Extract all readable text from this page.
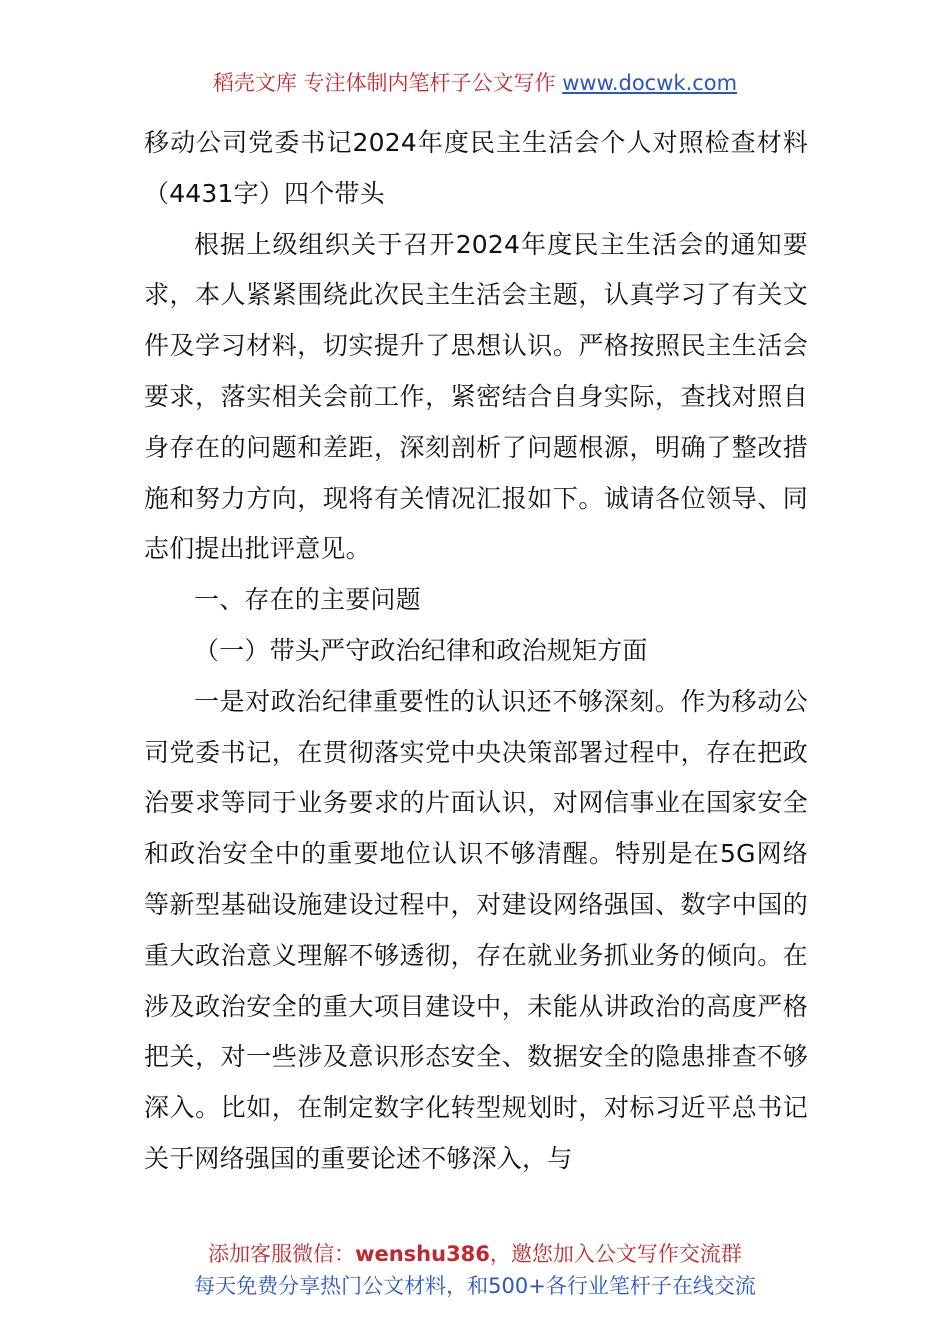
稻壳文库 专注体制内笔杆子公文写作 www.docwk.com

移动公司党委书记2024年度民主生活会个人对照检查材料（4431字）四个带头

根据上级组织关于召开2024年度民主生活会的通知要求，本人紧紧围绕此次民主生活会主题，认真学习了有关文件及学习材料，切实提升了思想认识。严格按照民主生活会要求，落实相关会前工作，紧密结合自身实际，查找对照自身存在的问题和差距，深刻剖析了问题根源，明确了整改措施和努力方向，现将有关情况汇报如下。诚请各位领导、同志们提出批评意见。

一、存在的主要问题

（一）带头严守政治纪律和政治规矩方面

一是对政治纪律重要性的认识还不够深刻。作为移动公司党委书记，在贯彻落实党中央决策部署过程中，存在把政治要求等同于业务要求的片面认识，对网信事业在国家安全和政治安全中的重要地位认识不够清醒。特别是在5G网络等新型基础设施建设过程中，对建设网络强国、数字中国的重大政治意义理解不够透彻，存在就业务抓业务的倾向。在涉及政治安全的重大项目建设中，未能从讲政治的高度严格把关，对一些涉及意识形态安全、数据安全的隐患排查不够深入。比如，在制定数字化转型规划时，对标习近平总书记关于网络强国的重要论述不够深入，与

添加客服微信：wenshu386，邀您加入公文写作交流群
每天免费分享热门公文材料，和500+各行业笔杆子在线交流
